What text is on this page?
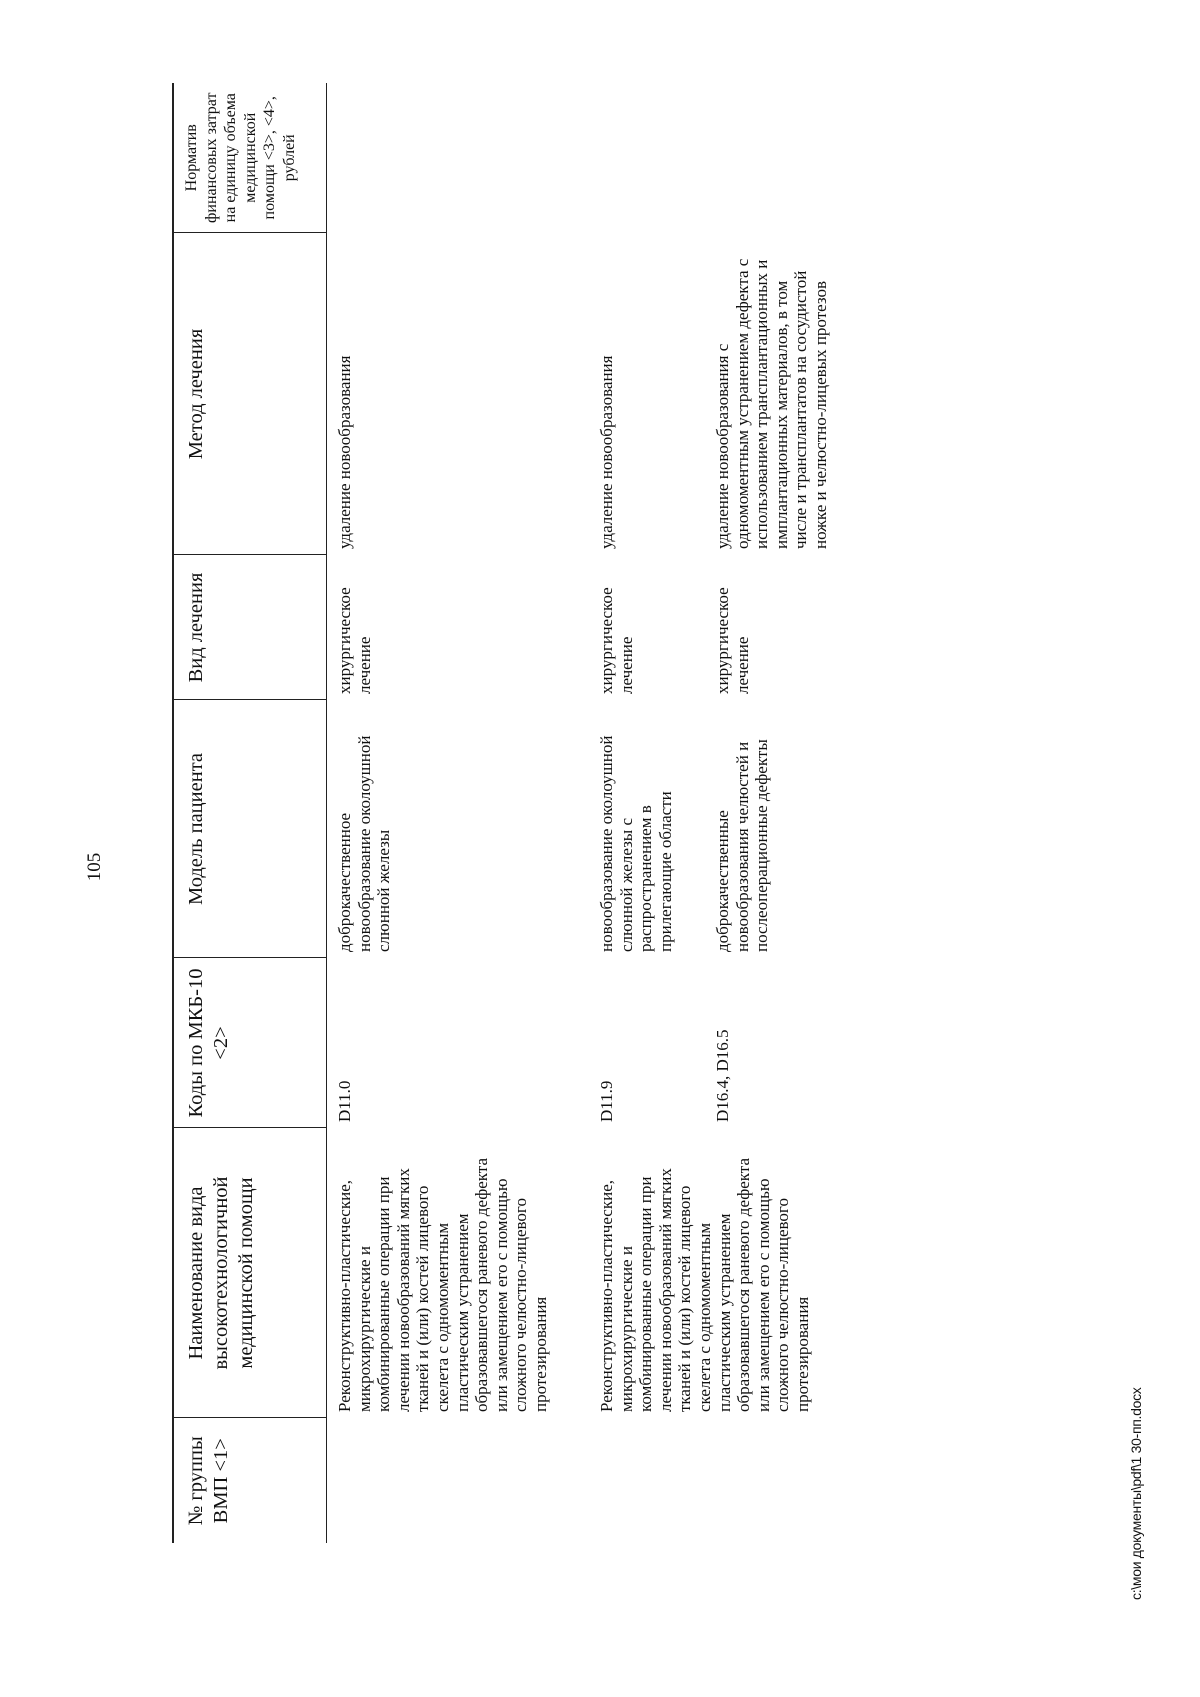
105
№ группы ВМП <1>	Наименование вида высокотехнологичной медицинской помощи	Коды по МКБ-10 <2>	Модель пациента	Вид лечения	Метод лечения	Норматив финансовых затрат на единицу объема медицинской помощи <3>, <4>, рублей
	Реконструктивно-пластические, микрохирургические и комбинированные операции при лечении новообразований мягких тканей и (или) костей лицевого скелета с одномоментным пластическим устранением образовавшегося раневого дефекта или замещением его с помощью сложного челюстно-лицевого протезирования	D11.0	доброкачественное новообразование околоушной слюнной железы	хирургическое лечение	удаление новообразования	
	Реконструктивно-пластические, микрохирургические и комбинированные операции при лечении новообразований мягких тканей и (или) костей лицевого скелета с одномоментным пластическим устранением образовавшегося раневого дефекта или замещением его с помощью сложного челюстно-лицевого протезирования	D11.9	новообразование околоушной слюнной железы с распространением в прилегающие области	хирургическое лечение	удаление новообразования	
		D16.4, D16.5	доброкачественные новообразования челюстей и послеоперационные дефекты	хирургическое лечение	удаление новообразования с одномоментным устранением дефекта с использованием трансплантационных и имплантационных материалов, в том числе и трансплантатов на сосудистой ножке и челюстно-лицевых протезов	
c:\мои документы\pdf\1 30-пп.docx
